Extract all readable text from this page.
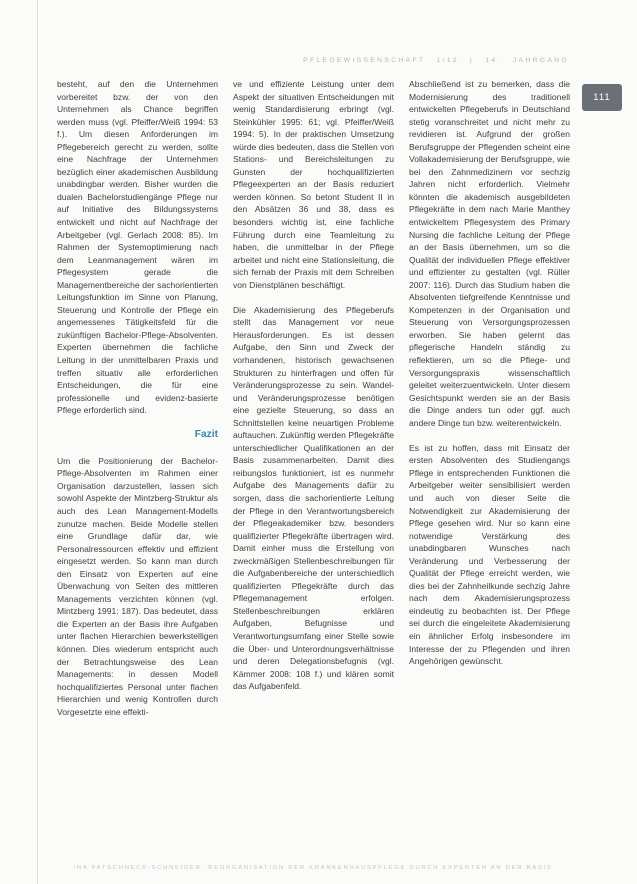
PFLEGEWISSENSCHAFT 1/12 | 14. JAHRGANG
111

besteht, auf den die Unternehmen vorbereitet bzw. der von den Unternehmen als Chance begriffen werden muss (vgl. Pfeiffer/Weiß 1994: 53 f.). Um diesen Anforderungen im Pflegebereich gerecht zu werden, sollte eine Nachfrage der Unternehmen bezüglich einer akademischen Ausbildung unabdingbar werden. Bisher wurden die dualen Bachelorstudiengänge Pflege nur auf Initiative des Bildungssystems entwickelt und nicht auf Nachfrage der Arbeitgeber (vgl. Gerlach 2008: 85). Im Rahmen der Systemoptimierung nach dem Leanmanagement wären im Pflegesystem gerade die Managementbereiche der sachorientierten Leitungsfunktion im Sinne von Planung, Steuerung und Kontrolle der Pflege ein angemessenes Tätigkeitsfeld für die zukünftigen Bachelor-Pflege-Absolventen. Experten übernehmen die fachliche Leitung in der unmittelbaren Praxis und treffen situativ alle erforderlichen Entscheidungen, die für eine professionelle und evidenz-basierte Pflege erforderlich sind.

Fazit

Um die Positionierung der Bachelor-Pflege-Absolventen im Rahmen einer Organisation darzustellen, lassen sich sowohl Aspekte der Mintzberg-Struktur als auch des Lean Management-Modells zunutze machen. Beide Modelle stellen eine Grundlage dafür dar, wie Personalressourcen effektiv und effizient eingesetzt werden. So kann man durch den Einsatz von Experten auf eine Überwachung von Seiten des mittleren Managements verzichten können (vgl. Mintzberg 1991: 187). Das bedeutet, dass die Experten an der Basis ihre Aufgaben unter flachen Hierarchien bewerkstelligen können. Dies wiederum entspricht auch der Betrachtungsweise des Lean Managements: in dessen Modell hochqualifiziertes Personal unter flachen Hierarchien und wenig Kontrollen durch Vorgesetzte eine effekti-

ve und effiziente Leistung unter dem Aspekt der situativen Entscheidungen mit wenig Standardisierung erbringt (vgl. Steinkühler 1995: 61; vgl. Pfeiffer/Weiß 1994: 5). In der praktischen Umsetzung würde dies bedeuten, dass die Stellen von Stations- und Bereichsleitungen zu Gunsten der hochqualifizierten Pflegeexperten an der Basis reduziert werden können. So betont Student II in den Absätzen 36 und 38, dass es besonders wichtig ist, eine fachliche Führung durch eine Teamleitung zu haben, die unmittelbar in der Pflege arbeitet und nicht eine Stationsleitung, die sich fernab der Praxis mit dem Schreiben von Dienstplänen beschäftigt.

Die Akademisierung des Pflegeberufs stellt das Management vor neue Herausforderungen. Es ist dessen Aufgabe, den Sinn und Zweck der vorhandenen, historisch gewachsenen Strukturen zu hinterfragen und offen für Veränderungsprozesse zu sein. Wandel- und Veränderungsprozesse benötigen eine gezielte Steuerung, so dass an Schnittstellen keine neuartigen Probleme auftauchen. Zukünftig werden Pflegekräfte unterschiedlicher Qualifikationen an der Basis zusammenarbeiten. Damit dies reibungslos funktioniert, ist es nunmehr Aufgabe des Managements dafür zu sorgen, dass die sachorientierte Leitung der Pflege in den Verantwortungsbereich der Pflegeakademiker bzw. besonders qualifizierter Pflegekräfte übertragen wird. Damit einher muss die Erstellung von zweckmäßigen Stellenbeschreibungen für die Aufgabenbereiche der unterschiedlich qualifizierten Pflegekräfte durch das Pflegemanagement erfolgen. Stellenbeschreibungen erklären Aufgaben, Befugnisse und Verantwortungsumfang einer Stelle sowie die Über- und Unterordnungsverhältnisse und deren Delegationsbefugnis (vgl. Kämmer 2008: 108 f.) und klären somit das Aufgabenfeld.

Abschließend ist zu bemerken, dass die Modernisierung des traditionell entwickelten Pflegeberufs in Deutschland stetig voranschreitet und nicht mehr zu revidieren ist. Aufgrund der großen Berufsgruppe der Pflegenden scheint eine Vollakademisierung der Berufsgruppe, wie bei den Zahnmedizinern vor sechzig Jahren nicht erforderlich. Vielmehr könnten die akademisch ausgebildeten Pflegekräfte in dem nach Marie Manthey entwickeltem Pflegesystem des Primary Nursing die fachliche Leitung der Pflege an der Basis übernehmen, um so die Qualität der individuellen Pflege effektiver und effizienter zu gestalten (vgl. Rüller 2007: 116). Durch das Studium haben die Absolventen tiefgreifende Kenntnisse und Kompetenzen in der Organisation und Steuerung von Versorgungsprozessen erworben. Sie haben gelernt das pflegerische Handeln ständig zu reflektieren, um so die Pflege- und Versorgungspraxis wissenschaftlich geleitet weiterzuentwickeln. Unter diesem Gesichtspunkt werden sie an der Basis die Dinge anders tun oder ggf. auch andere Dinge tun bzw. weiterentwickeln.

Es ist zu hoffen, dass mit Einsatz der ersten Absolventen des Studiengangs Pflege in entsprechenden Funktionen die Arbeitgeber weiter sensibilisiert werden und auch von dieser Seite die Notwendigkeit zur Akademisierung der Pflege gesehen wird. Nur so kann eine notwendige Verstärkung des unabdingbaren Wunsches nach Veränderung und Verbesserung der Qualität der Pflege erreicht werden, wie dies bei der Zahnheilkunde sechzig Jahre nach dem Akademisierungsprozess eindeutig zu beobachten ist. Der Pflege sei durch die eingeleitete Akademisierung ein ähnlicher Erfolg insbesondere im Interesse der zu Pflegenden und ihren Angehörigen gewünscht.

INA PATSCHNECK-SCHNEIDER: REORGANISATION DER KRANKENHAUSPFLEGE DURCH EXPERTEN AN DER BASIS
